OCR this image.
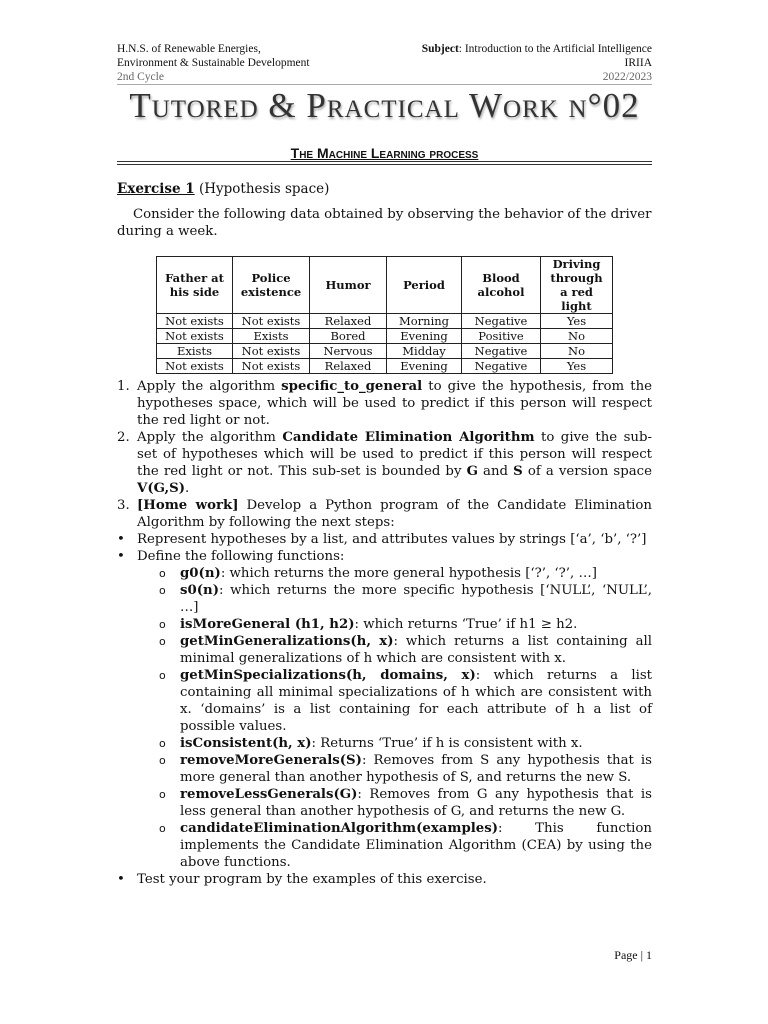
H.N.S. of Renewable Energies,
Environment & Sustainable Development
2nd Cycle
Subject: Introduction to the Artificial Intelligence
IRIIA
2022/2023
Tutored & Practical Work n°02
The Machine Learning process
Exercise 1 (Hypothesis space)
Consider the following data obtained by observing the behavior of the driver during a week.
Father at his side	Police existence	Humor	Period	Blood alcohol	Driving through a red light
Not exists	Not exists	Relaxed	Morning	Negative	Yes
Not exists	Exists	Bored	Evening	Positive	No
Exists	Not exists	Nervous	Midday	Negative	No
Not exists	Not exists	Relaxed	Evening	Negative	Yes
1. Apply the algorithm specific_to_general to give the hypothesis, from the hypotheses space, which will be used to predict if this person will respect the red light or not.
2. Apply the algorithm Candidate Elimination Algorithm to give the sub-set of hypotheses which will be used to predict if this person will respect the red light or not. This sub-set is bounded by G and S of a version space V(G,S).
3. [Home work] Develop a Python program of the Candidate Elimination Algorithm by following the next steps:
• Represent hypotheses by a list, and attributes values by strings [‘a’, ‘b’, ‘?’]
• Define the following functions:
o g0(n): which returns the more general hypothesis [‘?’, ‘?’, …]
o s0(n): which returns the more specific hypothesis [‘NULL’, ‘NULL’, …]
o isMoreGeneral (h1, h2): which returns ‘True’ if h1 ≥ h2.
o getMinGeneralizations(h, x): which returns a list containing all minimal generalizations of h which are consistent with x.
o getMinSpecializations(h, domains, x): which returns a list containing all minimal specializations of h which are consistent with x. ‘domains’ is a list containing for each attribute of h a list of possible values.
o isConsistent(h, x): Returns ‘True’ if h is consistent with x.
o removeMoreGenerals(S): Removes from S any hypothesis that is more general than another hypothesis of S, and returns the new S.
o removeLessGenerals(G): Removes from G any hypothesis that is less general than another hypothesis of G, and returns the new G.
o candidateEliminationAlgorithm(examples): This function implements the Candidate Elimination Algorithm (CEA) by using the above functions.
• Test your program by the examples of this exercise.
Page | 1
